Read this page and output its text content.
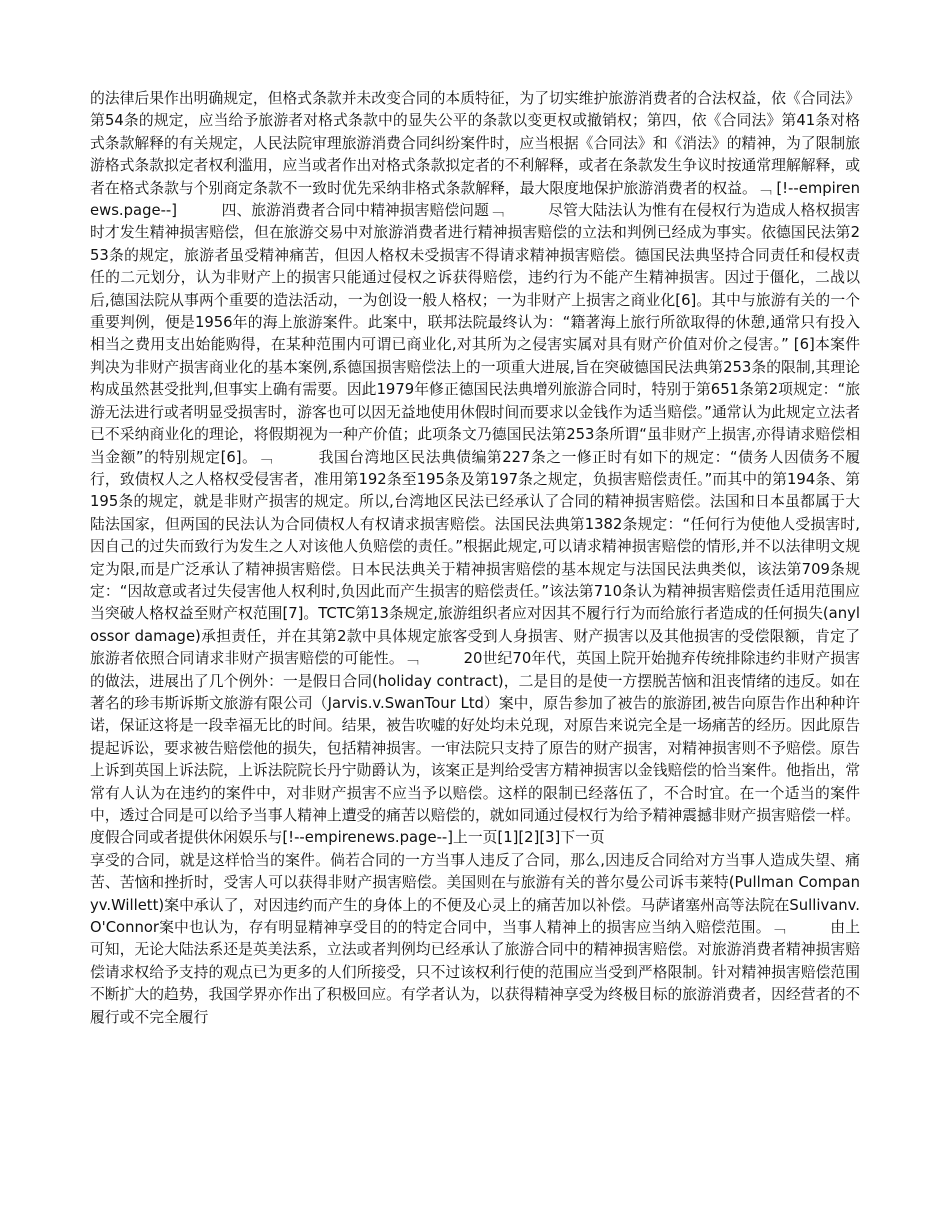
的法律后果作出明确规定，但格式条款并未改变合同的本质特征，为了切实维护旅游消费者的合法权益，依《合同法》第54条的规定，应当给予旅游者对格式条款中的显失公平的条款以变更权或撤销权；第四，依《合同法》第41条对格式条款解释的有关规定，人民法院审理旅游消费合同纠纷案件时，应当根据《合同法》和《消法》的精神，为了限制旅游格式条款拟定者权利滥用，应当或者作出对格式条款拟定者的不利解释，或者在条款发生争议时按通常理解解释，或者在格式条款与个别商定条款不一致时优先采纳非格式条款解释，最大限度地保护旅游消费者的权益。﹁ [!--empirenews.page--]　　　四、旅游消费者合同中精神损害赔偿问题﹁　　　尽管大陆法认为惟有在侵权行为造成人格权损害时才发生精神损害赔偿，但在旅游交易中对旅游消费者进行精神损害赔偿的立法和判例已经成为事实。依德国民法第253条的规定，旅游者虽受精神痛苦，但因人格权未受损害不得请求精神损害赔偿。德国民法典坚持合同责任和侵权责任的二元划分，认为非财产上的损害只能通过侵权之诉获得赔偿，违约行为不能产生精神损害。因过于僵化，二战以后,德国法院从事两个重要的造法活动，一为创设一般人格权；一为非财产上损害之商业化[6]。其中与旅游有关的一个重要判例，便是1956年的海上旅游案件。此案中，联邦法院最终认为：“籍著海上旅行所欲取得的休憩,通常只有投入相当之费用支出始能购得，在某种范围内可谓已商业化,对其所为之侵害实属对具有财产价值对价之侵害。” [6]本案件判决为非财产损害商业化的基本案例,系德国损害赔偿法上的一项重大进展,旨在突破德国民法典第253条的限制,其理论构成虽然甚受批判,但事实上确有需要。因此1979年修正德国民法典增列旅游合同时，特别于第651条第2项规定：“旅游无法进行或者明显受损害时，游客也可以因无益地使用休假时间而要求以金钱作为适当赔偿。”通常认为此规定立法者已不采纳商业化的理论，将假期视为一种产价值；此项条文乃德国民法第253条所谓“虽非财产上损害,亦得请求赔偿相当金额”的特别规定[6]。﹁　　　我国台湾地区民法典债编第227条之一修正时有如下的规定：“债务人因债务不履行，致债权人之人格权受侵害者，准用第192条至195条及第197条之规定，负损害赔偿责任。”而其中的第194条、第195条的规定，就是非财产损害的规定。所以,台湾地区民法已经承认了合同的精神损害赔偿。法国和日本虽都属于大陆法国家，但两国的民法认为合同债权人有权请求损害赔偿。法国民法典第1382条规定：“任何行为使他人受损害时,因自己的过失而致行为发生之人对该他人负赔偿的责任。”根据此规定,可以请求精神损害赔偿的情形,并不以法律明文规定为限,而是广泛承认了精神损害赔偿。日本民法典关于精神损害赔偿的基本规定与法国民法典类似，该法第709条规定：“因故意或者过失侵害他人权利时,负因此而产生损害的赔偿责任。”该法第710条认为精神损害赔偿责任适用范围应当突破人格权益至财产权范围[7]。TCTC第13条规定,旅游组织者应对因其不履行行为而给旅行者造成的任何损失(anylossor damage)承担责任，并在其第2款中具体规定旅客受到人身损害、财产损害以及其他损害的受偿限额，肯定了旅游者依照合同请求非财产损害赔偿的可能性。﹁　　　20世纪70年代，英国上院开始抛弃传统排除违约非财产损害的做法，进展出了几个例外：一是假日合同(holiday contract)，二是目的是使一方摆脱苦恼和沮丧情绪的违反。如在著名的珍韦斯诉斯文旅游有限公司（Jarvis.v.SwanTour Ltd）案中，原告参加了被告的旅游团,被告向原告作出种种许诺，保证这将是一段幸福无比的时间。结果，被告吹嘘的好处均未兑现，对原告来说完全是一场痛苦的经历。因此原告提起诉讼，要求被告赔偿他的损失，包括精神损害。一审法院只支持了原告的财产损害，对精神损害则不予赔偿。原告上诉到英国上诉法院，上诉法院院长丹宁勋爵认为，该案正是判给受害方精神损害以金钱赔偿的恰当案件。他指出，常常有人认为在违约的案件中，对非财产损害不应当予以赔偿。这样的限制已经落伍了，不合时宜。在一个适当的案件中，透过合同是可以给予当事人精神上遭受的痛苦以赔偿的，就如同通过侵权行为给予精神震撼非财产损害赔偿一样。度假合同或者提供休闲娱乐与[!--empirenews.page--]上一页[1][2][3]下一页

享受的合同，就是这样恰当的案件。倘若合同的一方当事人违反了合同，那么,因违反合同给对方当事人造成失望、痛苦、苦恼和挫折时，受害人可以获得非财产损害赔偿。美国则在与旅游有关的普尔曼公司诉韦莱特(Pullman Companyv.Willett)案中承认了，对因违约而产生的身体上的不便及心灵上的痛苦加以补偿。马萨诸塞州高等法院在Sullivanv. O'Connor案中也认为，存有明显精神享受目的的特定合同中，当事人精神上的损害应当纳入赔偿范围。﹁　　　由上可知，无论大陆法系还是英美法系，立法或者判例均已经承认了旅游合同中的精神损害赔偿。对旅游消费者精神损害赔偿请求权给予支持的观点已为更多的人们所接受，只不过该权利行使的范围应当受到严格限制。针对精神损害赔偿范围不断扩大的趋势，我国学界亦作出了积极回应。有学者认为，以获得精神享受为终极目标的旅游消费者，因经营者的不履行或不完全履行
